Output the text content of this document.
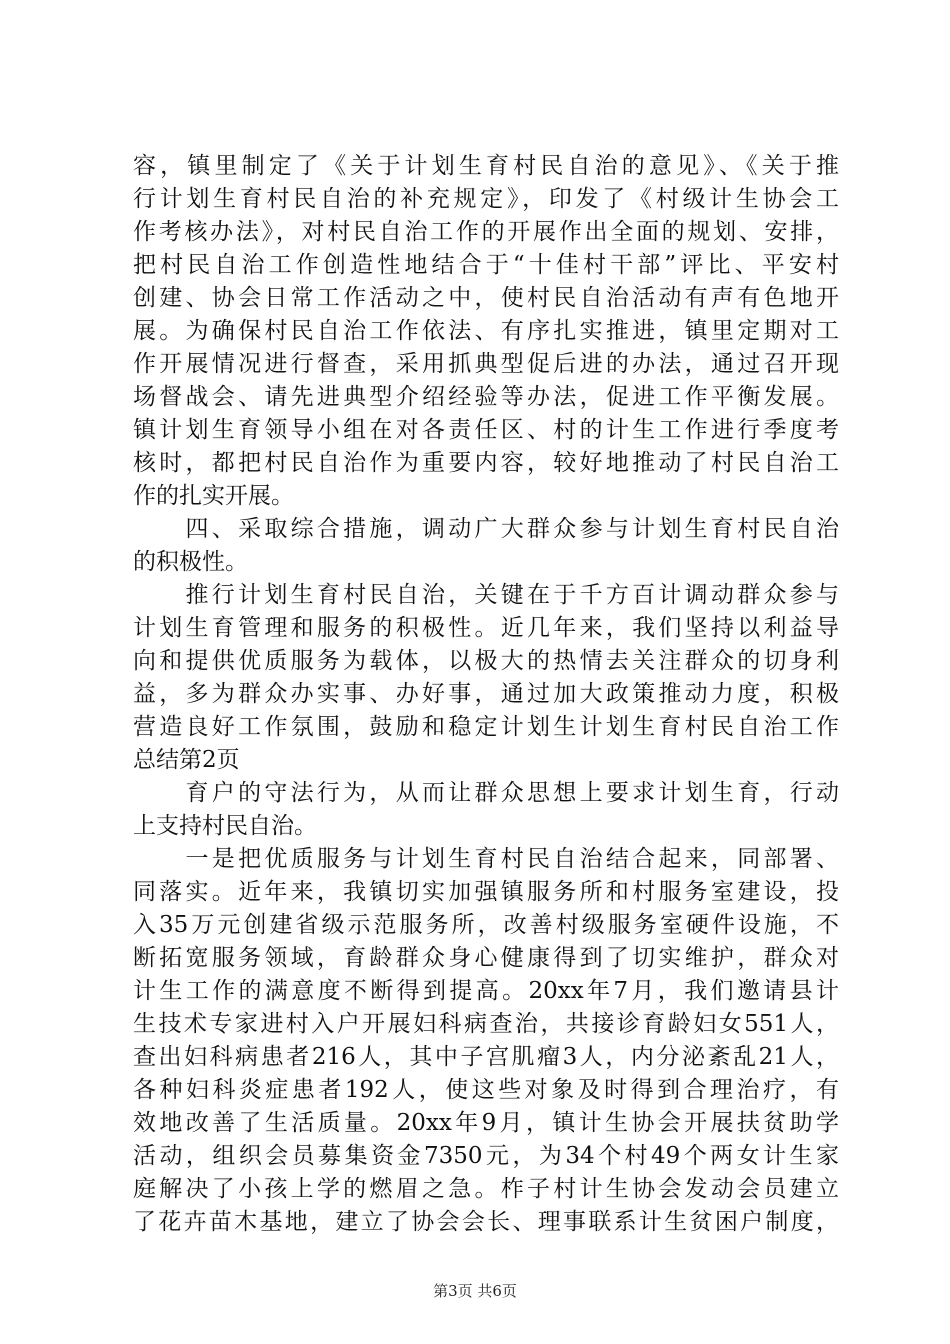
容，镇里制定了《关于计划生育村民自治的意见》、《关于推
行计划生育村民自治的补充规定》，印发了《村级计生协会工
作考核办法》，对村民自治工作的开展作出全面的规划、安排，
把村民自治工作创造性地结合于“十佳村干部”评比、平安村
创建、协会日常工作活动之中，使村民自治活动有声有色地开
展。为确保村民自治工作依法、有序扎实推进，镇里定期对工
作开展情况进行督查，采用抓典型促后进的办法，通过召开现
场督战会、请先进典型介绍经验等办法，促进工作平衡发展。
镇计划生育领导小组在对各责任区、村的计生工作进行季度考
核时，都把村民自治作为重要内容，较好地推动了村民自治工
作的扎实开展。
　　四、采取综合措施，调动广大群众参与计划生育村民自治
的积极性。
　　推行计划生育村民自治，关键在于千方百计调动群众参与
计划生育管理和服务的积极性。近几年来，我们坚持以利益导
向和提供优质服务为载体，以极大的热情去关注群众的切身利
益，多为群众办实事、办好事，通过加大政策推动力度，积极
营造良好工作氛围，鼓励和稳定计划生计划生育村民自治工作
总结第2页
　　育户的守法行为，从而让群众思想上要求计划生育，行动
上支持村民自治。
　　一是把优质服务与计划生育村民自治结合起来，同部署、
同落实。近年来，我镇切实加强镇服务所和村服务室建设，投
入35万元创建省级示范服务所，改善村级服务室硬件设施，不
断拓宽服务领域，育龄群众身心健康得到了切实维护，群众对
计生工作的满意度不断得到提高。20xx年7月，我们邀请县计
生技术专家进村入户开展妇科病查治，共接诊育龄妇女551人，
查出妇科病患者216人，其中子宫肌瘤3人，内分泌紊乱21人，
各种妇科炎症患者192人，使这些对象及时得到合理治疗，有
效地改善了生活质量。20xx年9月，镇计生协会开展扶贫助学
活动，组织会员募集资金7350元，为34个村49个两女计生家
庭解决了小孩上学的燃眉之急。柞子村计生协会发动会员建立
了花卉苗木基地，建立了协会会长、理事联系计生贫困户制度，
第3页 共6页
